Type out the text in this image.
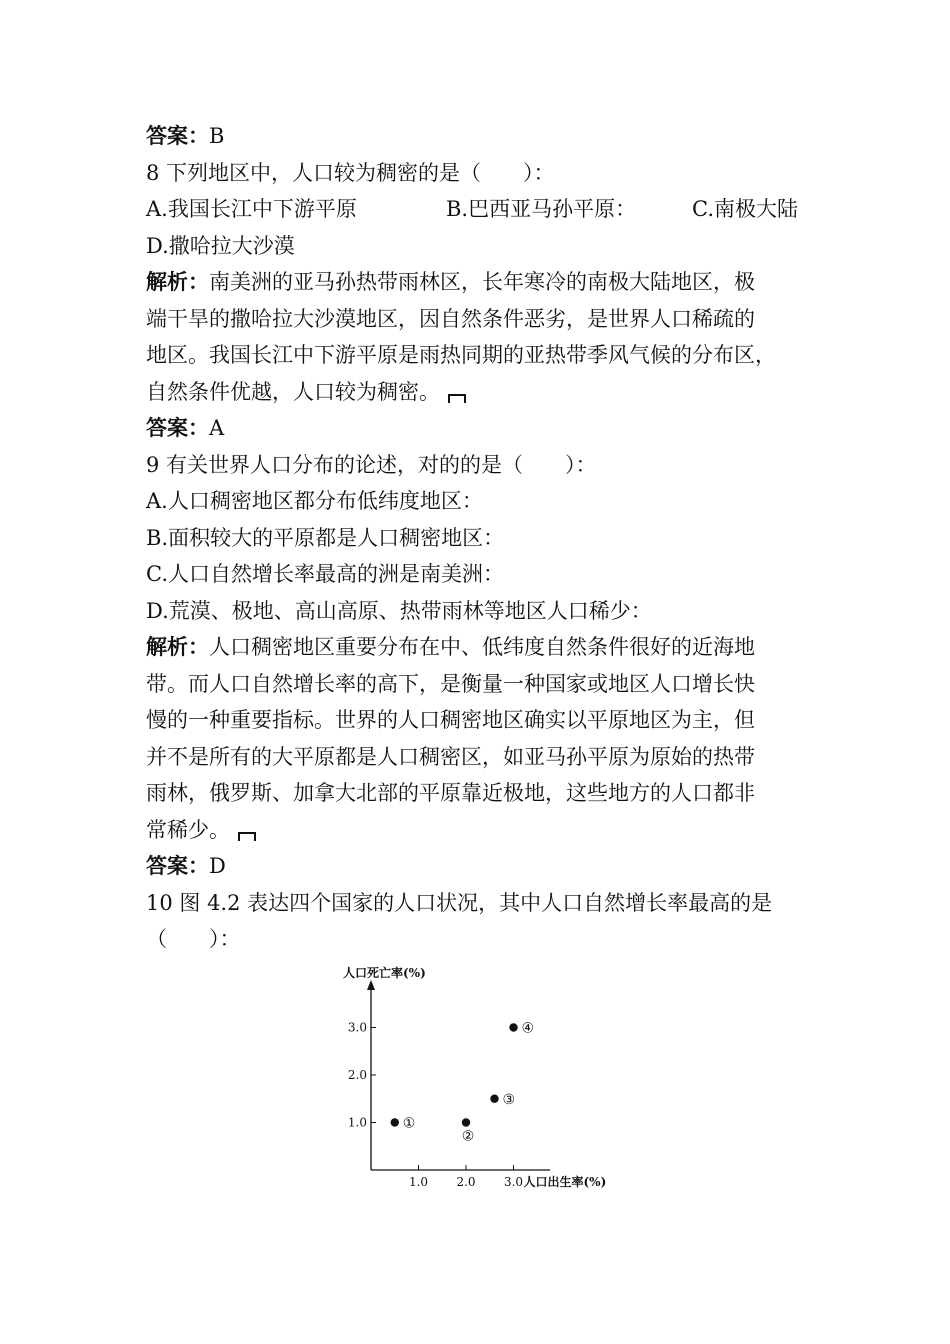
答案：B
8 下列地区中，人口较为稠密的是（　　）：
A.我国长江中下游平原	B.巴西亚马孙平原：	C.南极大陆
D.撒哈拉大沙漠
解析：南美洲的亚马孙热带雨林区，长年寒冷的南极大陆地区，极
端干旱的撒哈拉大沙漠地区，因自然条件恶劣，是世界人口稀疏的
地区。我国长江中下游平原是雨热同期的亚热带季风气候的分布区，
自然条件优越，人口较为稠密。
答案：A
9 有关世界人口分布的论述，对的的是（　　）：
A.人口稠密地区都分布低纬度地区：
B.面积较大的平原都是人口稠密地区：
C.人口自然增长率最高的洲是南美洲：
D.荒漠、极地、高山高原、热带雨林等地区人口稀少：
解析：人口稠密地区重要分布在中、低纬度自然条件很好的近海地
带。而人口自然增长率的高下，是衡量一种国家或地区人口增长快
慢的一种重要指标。世界的人口稠密地区确实以平原地区为主，但
并不是所有的大平原都是人口稠密区，如亚马孙平原为原始的热带
雨林，俄罗斯、加拿大北部的平原靠近极地，这些地方的人口都非
常稀少。
答案：D
10 图 4.2 表达四个国家的人口状况，其中人口自然增长率最高的是
（　　）：
1.0
2.0
3.0
1.0 2.0 3.0
人口死亡率(%)
人口出生率(%)
①
②
③
④
